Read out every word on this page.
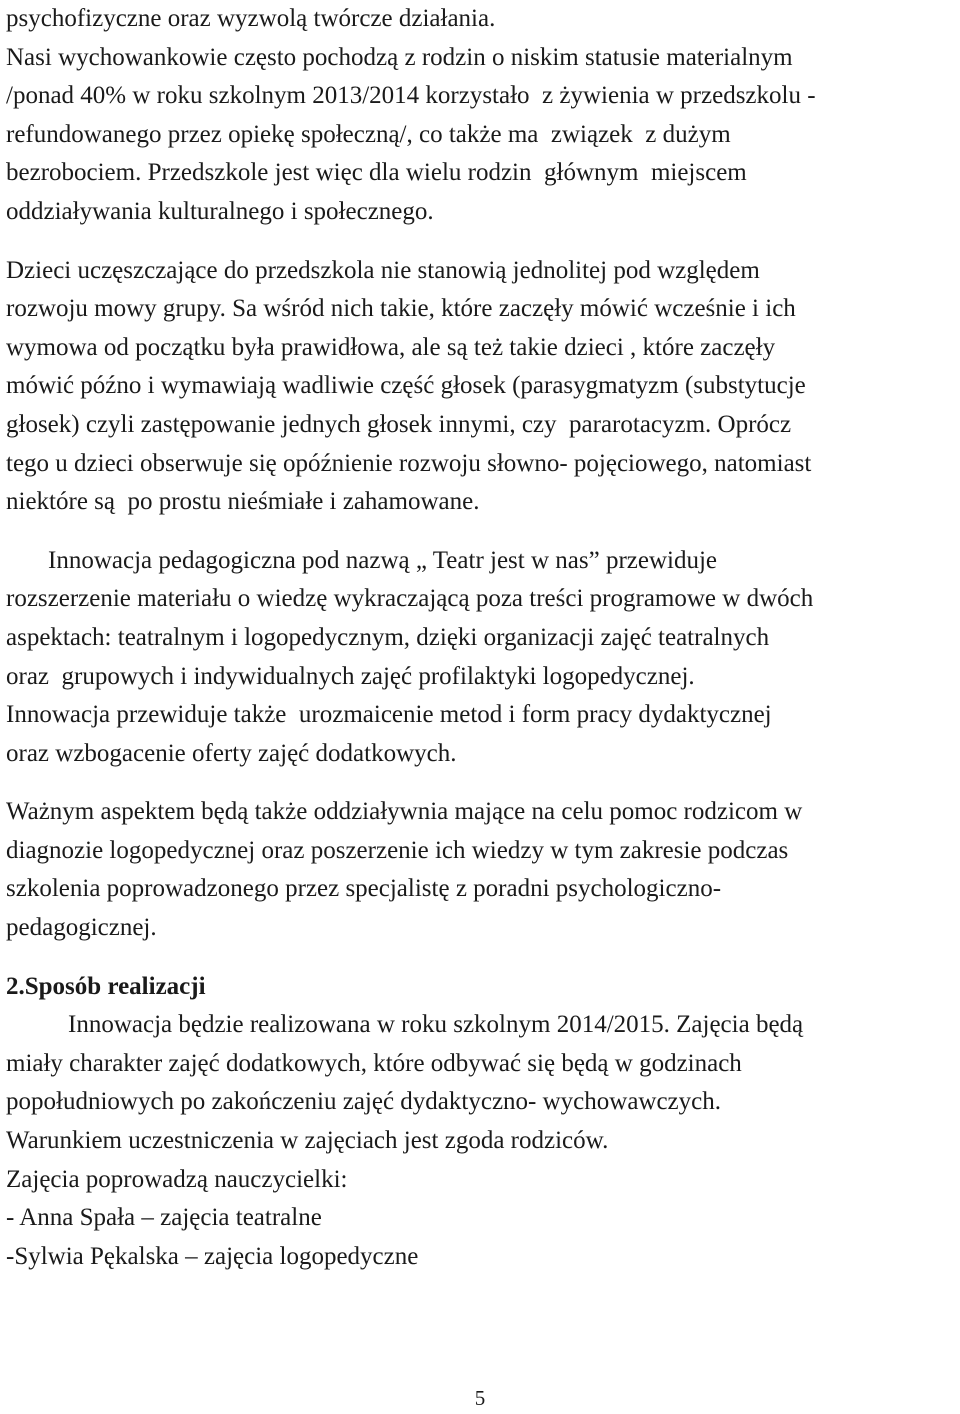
psychofizyczne oraz wyzwolą twórcze działania.
Nasi wychowankowie często pochodzą z rodzin o niskim statusie materialnym
/ponad 40% w roku szkolnym 2013/2014 korzystało  z żywienia w przedszkolu -
refundowanego przez opiekę społeczną/, co także ma  związek  z dużym
bezrobociem. Przedszkole jest więc dla wielu rodzin  głównym  miejscem
oddziaływania kulturalnego i społecznego.
Dzieci uczęszczające do przedszkola nie stanowią jednolitej pod względem
rozwoju mowy grupy. Sa wśród nich takie, które zaczęły mówić wcześnie i ich
wymowa od początku była prawidłowa, ale są też takie dzieci , które zaczęły
mówić późno i wymawiają wadliwie część głosek (parasygmatyzm (substytucje
głosek) czyli zastępowanie jednych głosek innymi, czy  pararotacyzm. Oprócz
tego u dzieci obserwuje się opóźnienie rozwoju słowno- pojęciowego, natomiast
niektóre są  po prostu nieśmiałe i zahamowane.
Innowacja pedagogiczna pod nazwą „ Teatr jest w nas” przewiduje
rozszerzenie materiału o wiedzę wykraczającą poza treści programowe w dwóch
aspektach: teatralnym i logopedycznym, dzięki organizacji zajęć teatralnych
oraz  grupowych i indywidualnych zajęć profilaktyki logopedycznej.
Innowacja przewiduje także  urozmaicenie metod i form pracy dydaktycznej
oraz wzbogacenie oferty zajęć dodatkowych.
Ważnym aspektem będą także oddziaływnia mające na celu pomoc rodzicom w
diagnozie logopedycznej oraz poszerzenie ich wiedzy w tym zakresie podczas
szkolenia poprowadzonego przez specjalistę z poradni psychologiczno-
pedagogicznej.
2.Sposób realizacji
Innowacja będzie realizowana w roku szkolnym 2014/2015. Zajęcia będą
miały charakter zajęć dodatkowych, które odbywać się będą w godzinach
popołudniowych po zakończeniu zajęć dydaktyczno- wychowawczych.
Warunkiem uczestniczenia w zajęciach jest zgoda rodziców.
Zajęcia poprowadzą nauczycielki:
- Anna Spała – zajęcia teatralne
-Sylwia Pękalska – zajęcia logopedyczne
5
